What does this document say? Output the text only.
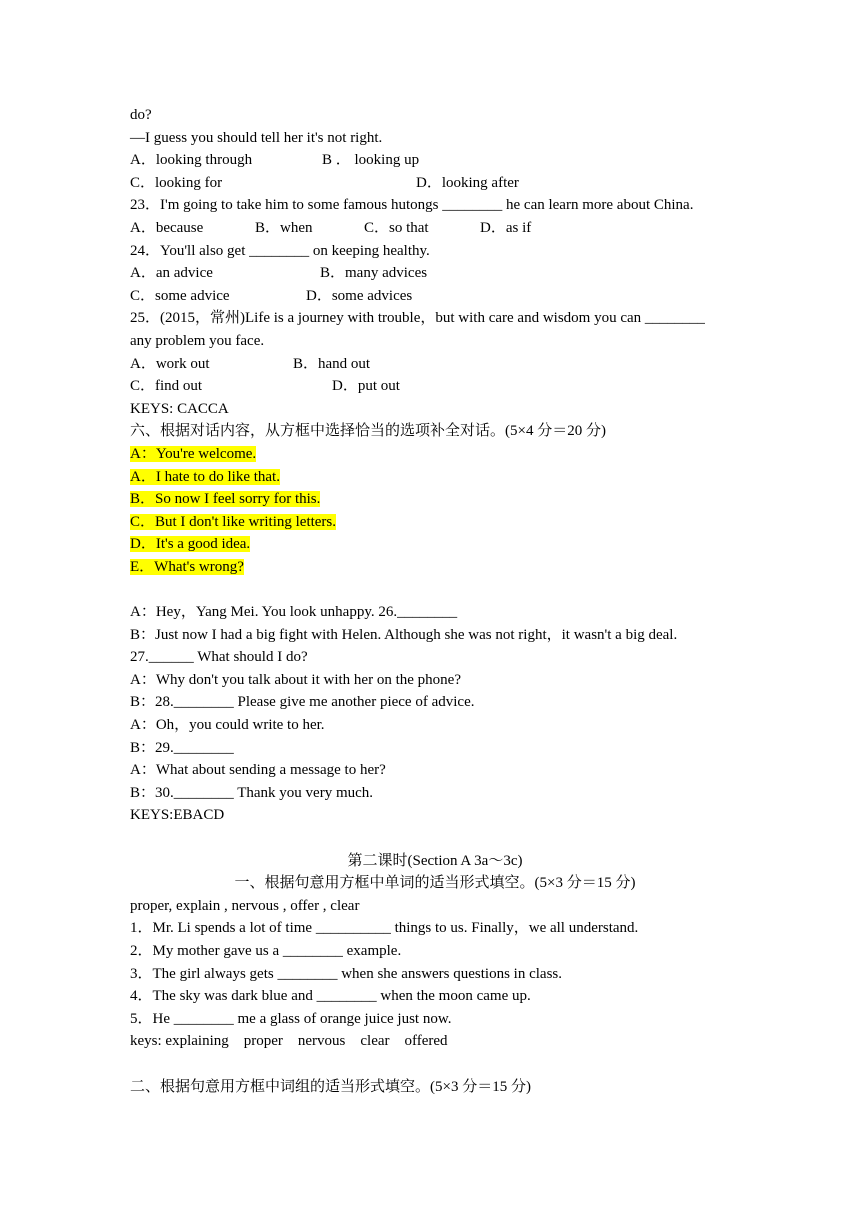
do?
—I guess you should tell her it's not right.

A．looking through

	B ． looking up

C．looking for

	D．looking after

23．I'm going to take him to some famous hutongs ________ he can learn more about China.

A．because

	B．when

	C．so that

	D．as if

24．You'll also get ________ on keeping healthy.

A．an advice

	B．many advices

C．some advice

	D．some advices

25．(2015，常州)Life is a journey with trouble，but with care and wisdom you can ________
any problem you face.

A．work out

	B．hand out

C．find out

	D．put out

KEYS: CACCA
六、根据对话内容，从方框中选择恰当的选项补全对话。(5×4 分＝20 分)
A：You're welcome.
A．I hate to do like that.
B．So now I feel sorry for this.
C．But I don't like writing letters.
D．It's a good idea.
E．What's wrong?
A：Hey，Yang Mei. You look unhappy. 26.________
B：Just now I had a big fight with Helen. Although she was not right，it wasn't a big deal.
27.______ What should I do?
A：Why don't you talk about it with her on the phone?
B：28.________ Please give me another piece of advice.
A：Oh，you could write to her.
B：29.________
A：What about sending a message to her?
B：30.________ Thank you very much.
KEYS:EBACD
第二课时(Section A 3a～3c)
一、根据句意用方框中单词的适当形式填空。(5×3 分＝15 分)
proper, explain , nervous , offer , clear
1．Mr. Li spends a lot of time __________ things to us. Finally，we all understand.
2．My mother gave us a ________ example.
3．The girl always gets ________ when she answers questions in class.
4．The sky was dark blue and ________ when the moon came up.
5．He ________ me a glass of orange juice just now.
keys: explaining    proper    nervous    clear    offered
二、根据句意用方框中词组的适当形式填空。(5×3 分＝15 分)
